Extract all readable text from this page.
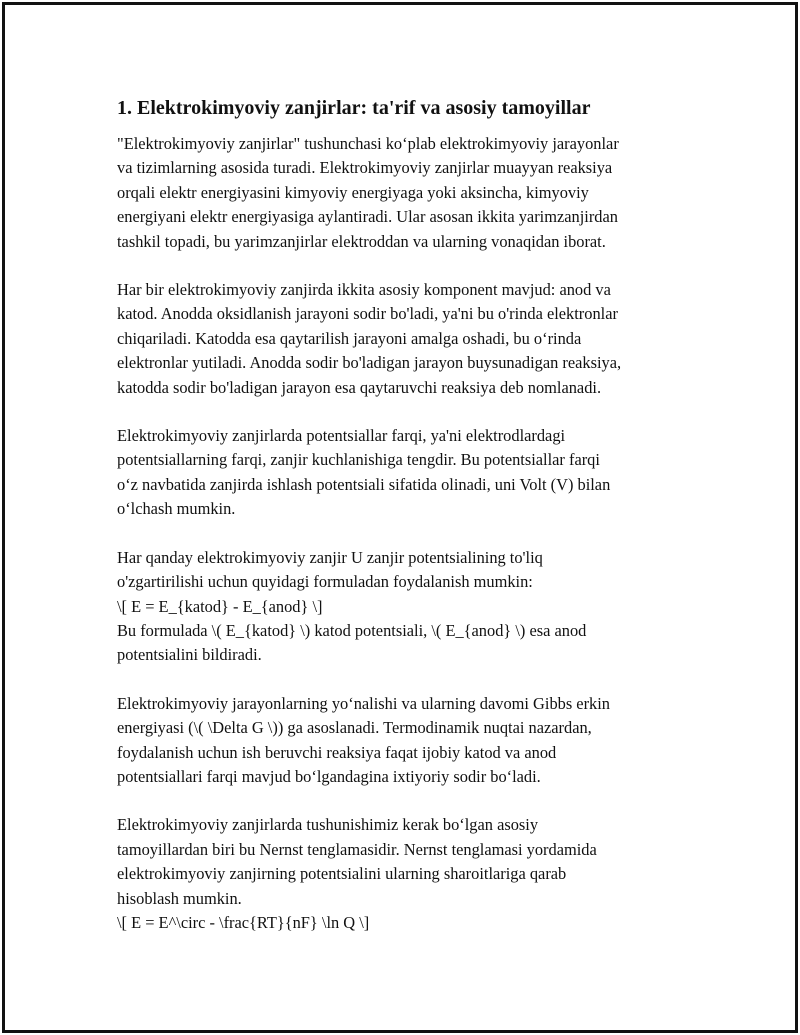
1. Elektrokimyoviy zanjirlar: ta'rif va asosiy tamoyillar

"Elektrokimyoviy zanjirlar" tushunchasi ko‘plab elektrokimyoviy jarayonlar
va tizimlarning asosida turadi. Elektrokimyoviy zanjirlar muayyan reaksiya
orqali elektr energiyasini kimyoviy energiyaga yoki aksincha, kimyoviy
energiyani elektr energiyasiga aylantiradi. Ular asosan ikkita yarimzanjirdan
tashkil topadi, bu yarimzanjirlar elektroddan va ularning vonaqidan iborat.

Har bir elektrokimyoviy zanjirda ikkita asosiy komponent mavjud: anod va
katod. Anodda oksidlanish jarayoni sodir bo'ladi, ya'ni bu o'rinda elektronlar
chiqariladi. Katodda esa qaytarilish jarayoni amalga oshadi, bu o‘rinda
elektronlar yutiladi. Anodda sodir bo'ladigan jarayon buysunadigan reaksiya,
katodda sodir bo'ladigan jarayon esa qaytaruvchi reaksiya deb nomlanadi.

Elektrokimyoviy zanjirlarda potentsiallar farqi, ya'ni elektrodlardagi
potentsiallarning farqi, zanjir kuchlanishiga tengdir. Bu potentsiallar farqi
o‘z navbatida zanjirda ishlash potentsiali sifatida olinadi, uni Volt (V) bilan
o‘lchash mumkin.

Har qanday elektrokimyoviy zanjir U zanjir potentsialining to'liq
o'zgartirilishi uchun quyidagi formuladan foydalanish mumkin:
\[ E = E_{katod} - E_{anod} \]
Bu formulada \( E_{katod} \) katod potentsiali, \( E_{anod} \) esa anod
potentsialini bildiradi.

Elektrokimyoviy jarayonlarning yo‘nalishi va ularning davomi Gibbs erkin
energiyasi (\( \Delta G \)) ga asoslanadi. Termodinamik nuqtai nazardan,
foydalanish uchun ish beruvchi reaksiya faqat ijobiy katod va anod
potentsiallari farqi mavjud bo‘lgandagina ixtiyoriy sodir bo‘ladi.

Elektrokimyoviy zanjirlarda tushunishimiz kerak bo‘lgan asosiy
tamoyillardan biri bu Nernst tenglamasidir. Nernst tenglamasi yordamida
elektrokimyoviy zanjirning potentsialini ularning sharoitlariga qarab
hisoblash mumkin.
\[ E = E^\circ - \frac{RT}{nF} \ln Q \]
